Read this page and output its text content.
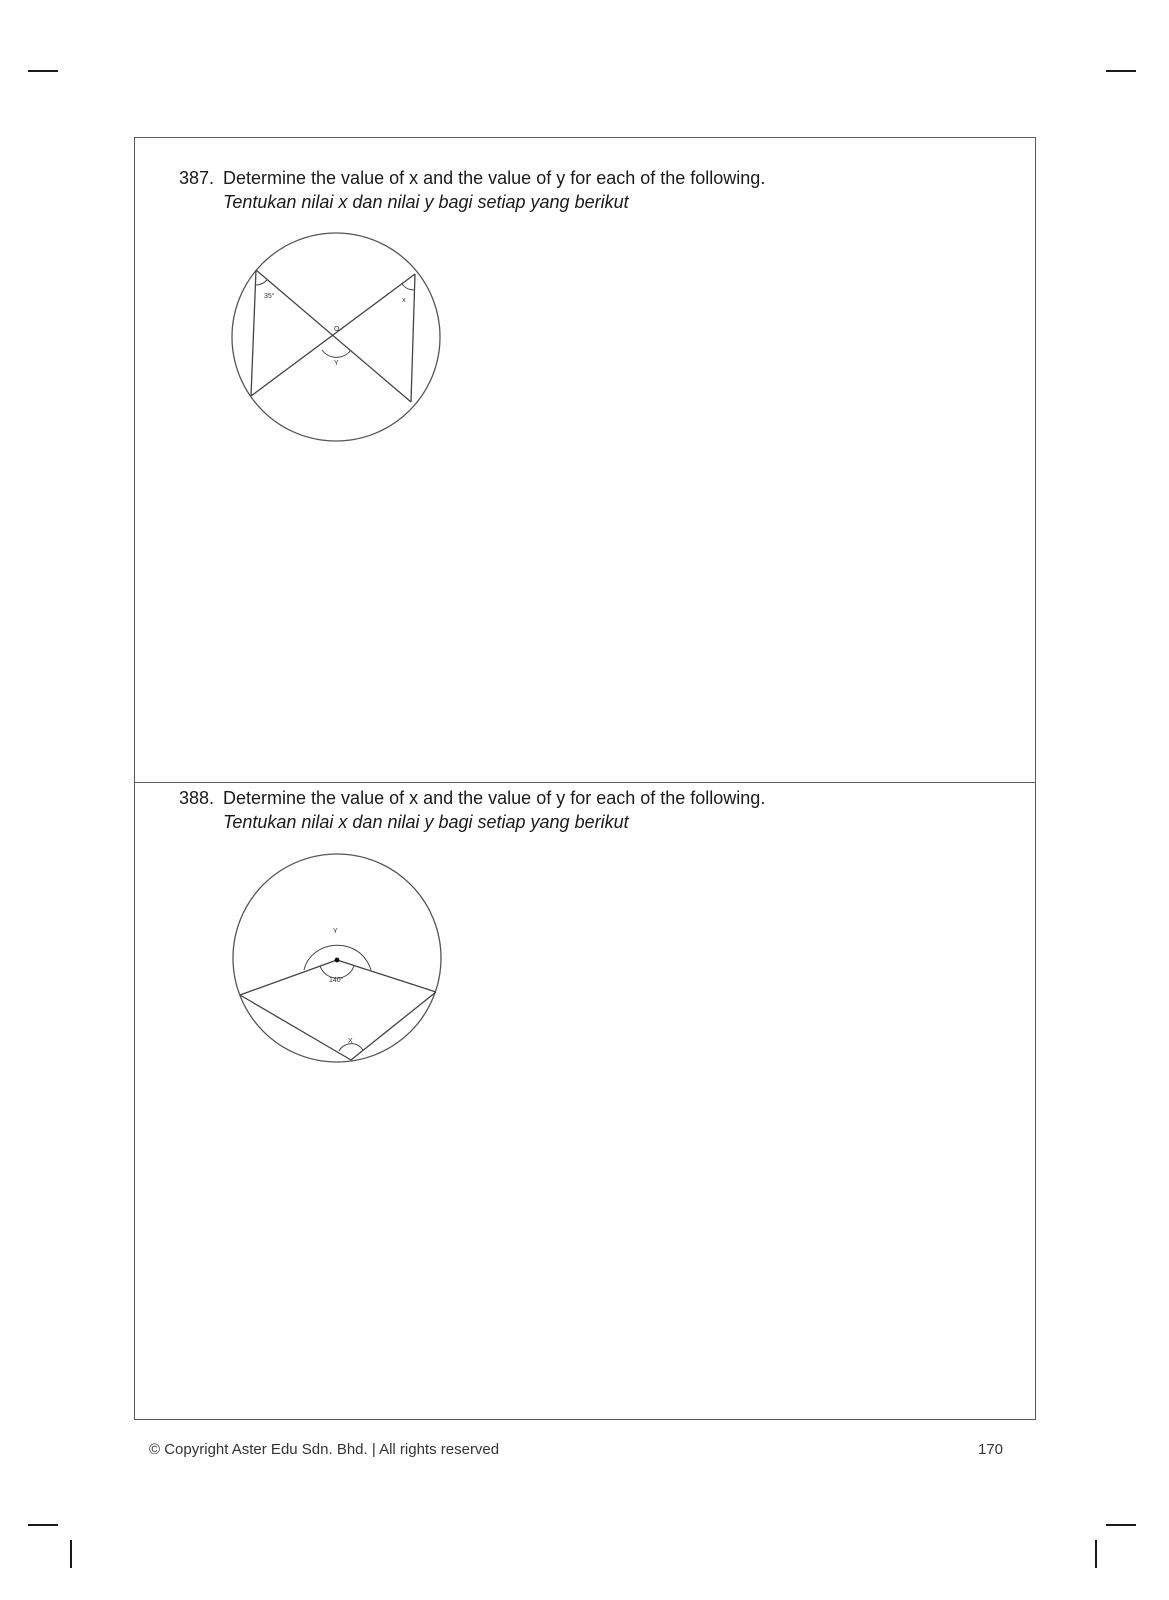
387. Determine the value of x and the value of y for each of the following.
Tentukan nilai x dan nilai y bagi setiap yang berikut
35°
x
O
Y
388. Determine the value of x and the value of y for each of the following.
Tentukan nilai x dan nilai y bagi setiap yang berikut
Y
140°
X
© Copyright Aster Edu Sdn. Bhd. | All rights reserved	170
